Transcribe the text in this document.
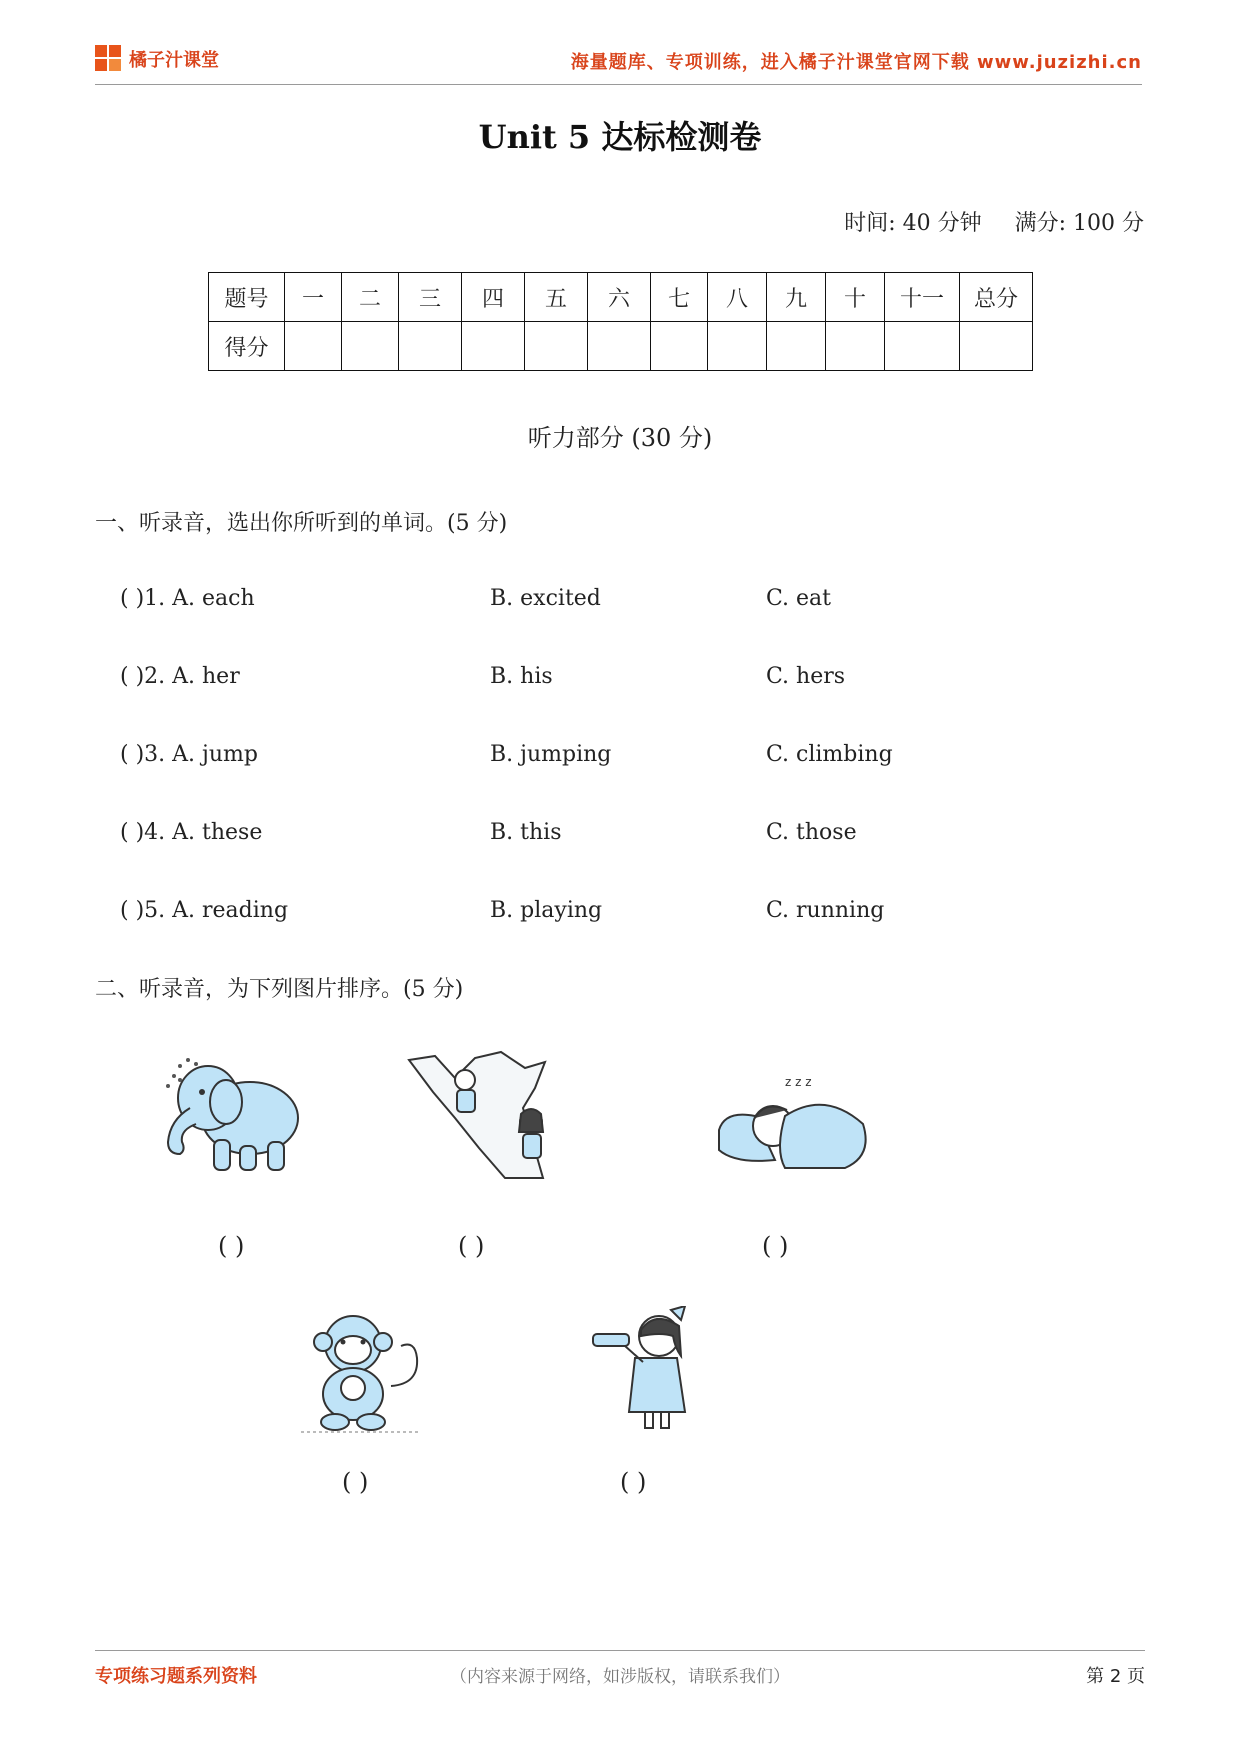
橘子汁课堂	海量题库、专项训练，进入橘子汁课堂官网下载 www.juzizhi.cn
Unit 5 达标检测卷
时间: 40 分钟 满分: 100 分
题号	一	二	三	四	五	六	七	八	九	十	十一	总分
得分												
听力部分 (30 分)
一、听录音，选出你所听到的单词。(5 分)
( )1. A. each	B. excited	C. eat
( )2. A. her	B. his	C. hers
( )3. A. jump	B. jumping	C. climbing
( )4. A. these	B. this	C. those
( )5. A. reading	B. playing	C. running
二、听录音，为下列图片排序。(5 分)
( )	( )
z z z
( )
( )	( )
专项练习题系列资料	（内容来源于网络，如涉版权，请联系我们）	第 2 页
